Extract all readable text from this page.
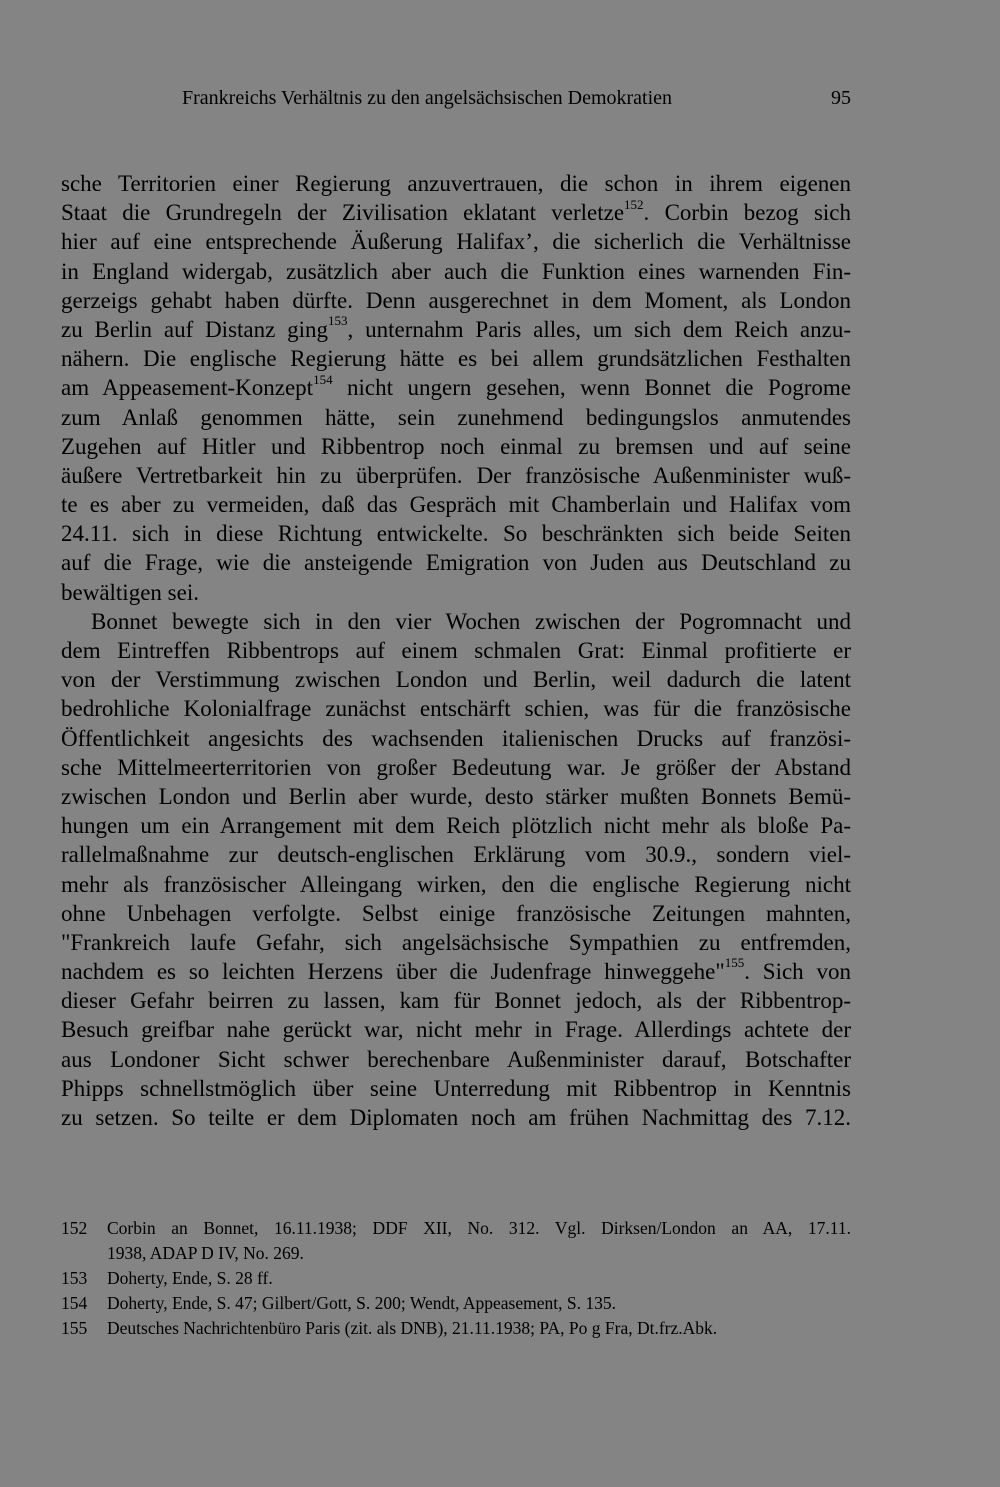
Frankreichs Verhältnis zu den angelsächsischen Demokratien	95
sche Territorien einer Regierung anzuvertrauen, die schon in ihrem eigenen
Staat die Grundregeln der Zivilisation eklatant verletze$^{152}$. Corbin bezog sich
hier auf eine entsprechende Äußerung Halifax’, die sicherlich die Verhältnisse
in England widergab, zusätzlich aber auch die Funktion eines warnenden Fin-
gerzeigs gehabt haben dürfte. Denn ausgerechnet in dem Moment, als London
zu Berlin auf Distanz ging$^{153}$, unternahm Paris alles, um sich dem Reich anzu-
nähern. Die englische Regierung hätte es bei allem grundsätzlichen Festhalten
am Appeasement-Konzept$^{154}$ nicht ungern gesehen, wenn Bonnet die Pogrome
zum Anlaß genommen hätte, sein zunehmend bedingungslos anmutendes
Zugehen auf Hitler und Ribbentrop noch einmal zu bremsen und auf seine
äußere Vertretbarkeit hin zu überprüfen. Der französische Außenminister wuß-
te es aber zu vermeiden, daß das Gespräch mit Chamberlain und Halifax vom
24.11. sich in diese Richtung entwickelte. So beschränkten sich beide Seiten
auf die Frage, wie die ansteigende Emigration von Juden aus Deutschland zu
bewältigen sei.
Bonnet bewegte sich in den vier Wochen zwischen der Pogromnacht und
dem Eintreffen Ribbentrops auf einem schmalen Grat: Einmal profitierte er
von der Verstimmung zwischen London und Berlin, weil dadurch die latent
bedrohliche Kolonialfrage zunächst entschärft schien, was für die französische
Öffentlichkeit angesichts des wachsenden italienischen Drucks auf französi-
sche Mittelmeerterritorien von großer Bedeutung war. Je größer der Abstand
zwischen London und Berlin aber wurde, desto stärker mußten Bonnets Bemü-
hungen um ein Arrangement mit dem Reich plötzlich nicht mehr als bloße Pa-
rallelmaßnahme zur deutsch-englischen Erklärung vom 30.9., sondern viel-
mehr als französischer Alleingang wirken, den die englische Regierung nicht
ohne Unbehagen verfolgte. Selbst einige französische Zeitungen mahnten,
"Frankreich laufe Gefahr, sich angelsächsische Sympathien zu entfremden,
nachdem es so leichten Herzens über die Judenfrage hinweggehe"$^{155}$. Sich von
dieser Gefahr beirren zu lassen, kam für Bonnet jedoch, als der Ribbentrop-
Besuch greifbar nahe gerückt war, nicht mehr in Frage. Allerdings achtete der
aus Londoner Sicht schwer berechenbare Außenminister darauf, Botschafter
Phipps schnellstmöglich über seine Unterredung mit Ribbentrop in Kenntnis
zu setzen. So teilte er dem Diplomaten noch am frühen Nachmittag des 7.12.
152	Corbin an Bonnet, 16.11.1938; DDF XII, No. 312. Vgl. Dirksen/London an AA, 17.11.
1938, ADAP D IV, No. 269.
153	Doherty, Ende, S. 28 ff.
154	Doherty, Ende, S. 47; Gilbert/Gott, S. 200; Wendt, Appeasement, S. 135.
155	Deutsches Nachrichtenbüro Paris (zit. als DNB), 21.11.1938; PA, Po g Fra, Dt.frz.Abk.
